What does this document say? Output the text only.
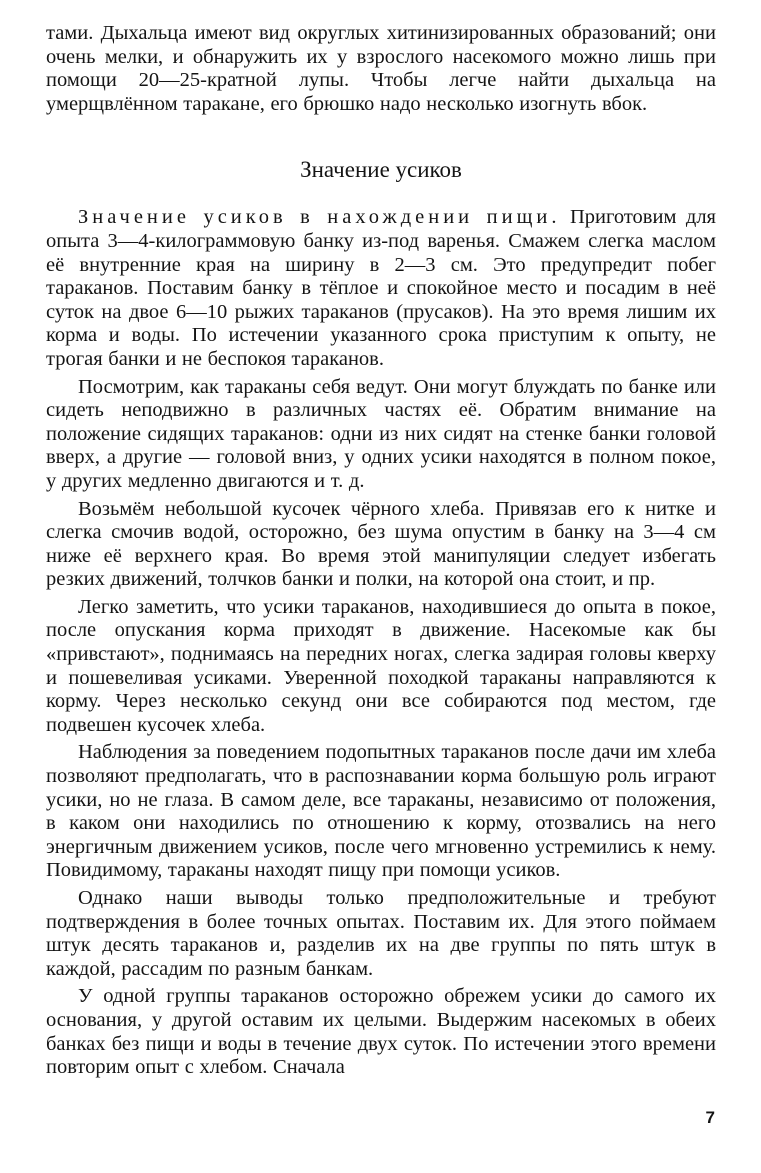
тами. Дыхальца имеют вид округлых хитинизированных образований; они очень мелки, и обнаружить их у взрослого насекомого можно лишь при помощи 20—25-кратной лупы. Чтобы легче найти дыхальца на умерщвлённом таракане, его брюшко надо несколько изогнуть вбок.

Значение усиков

Значение усиков в нахождении пищи. Приготовим для опыта 3—4-килограммовую банку из-под варенья. Смажем слегка маслом её внутренние края на ширину в 2—3 см. Это предупредит побег тараканов. Поставим банку в тёплое и спокойное место и посадим в неё суток на двое 6—10 рыжих тараканов (прусаков). На это время лишим их корма и воды. По истечении указанного срока приступим к опыту, не трогая банки и не беспокоя тараканов.

Посмотрим, как тараканы себя ведут. Они могут блуждать по банке или сидеть неподвижно в различных частях её. Обратим внимание на положение сидящих тараканов: одни из них сидят на стенке банки головой вверх, а другие — головой вниз, у одних усики находятся в полном покое, у других медленно двигаются и т. д.

Возьмём небольшой кусочек чёрного хлеба. Привязав его к нитке и слегка смочив водой, осторожно, без шума опустим в банку на 3—4 см ниже её верхнего края. Во время этой манипуляции следует избегать резких движений, толчков банки и полки, на которой она стоит, и пр.

Легко заметить, что усики тараканов, находившиеся до опыта в покое, после опускания корма приходят в движение. Насекомые как бы «привстают», поднимаясь на передних ногах, слегка задирая головы кверху и пошевеливая усиками. Уверенной походкой тараканы направляются к корму. Через несколько секунд они все собираются под местом, где подвешен кусочек хлеба.

Наблюдения за поведением подопытных тараканов после дачи им хлеба позволяют предполагать, что в распознавании корма большую роль играют усики, но не глаза. В самом деле, все тараканы, независимо от положения, в каком они находились по отношению к корму, отозвались на него энергичным движением усиков, после чего мгновенно устремились к нему. Повидимому, тараканы находят пищу при помощи усиков.

Однако наши выводы только предположительные и требуют подтверждения в более точных опытах. Поставим их. Для этого поймаем штук десять тараканов и, разделив их на две группы по пять штук в каждой, рассадим по разным банкам.

У одной группы тараканов осторожно обрежем усики до самого их основания, у другой оставим их целыми. Выдержим насекомых в обеих банках без пищи и воды в течение двух суток. По истечении этого времени повторим опыт с хлебом. Сначала

7
